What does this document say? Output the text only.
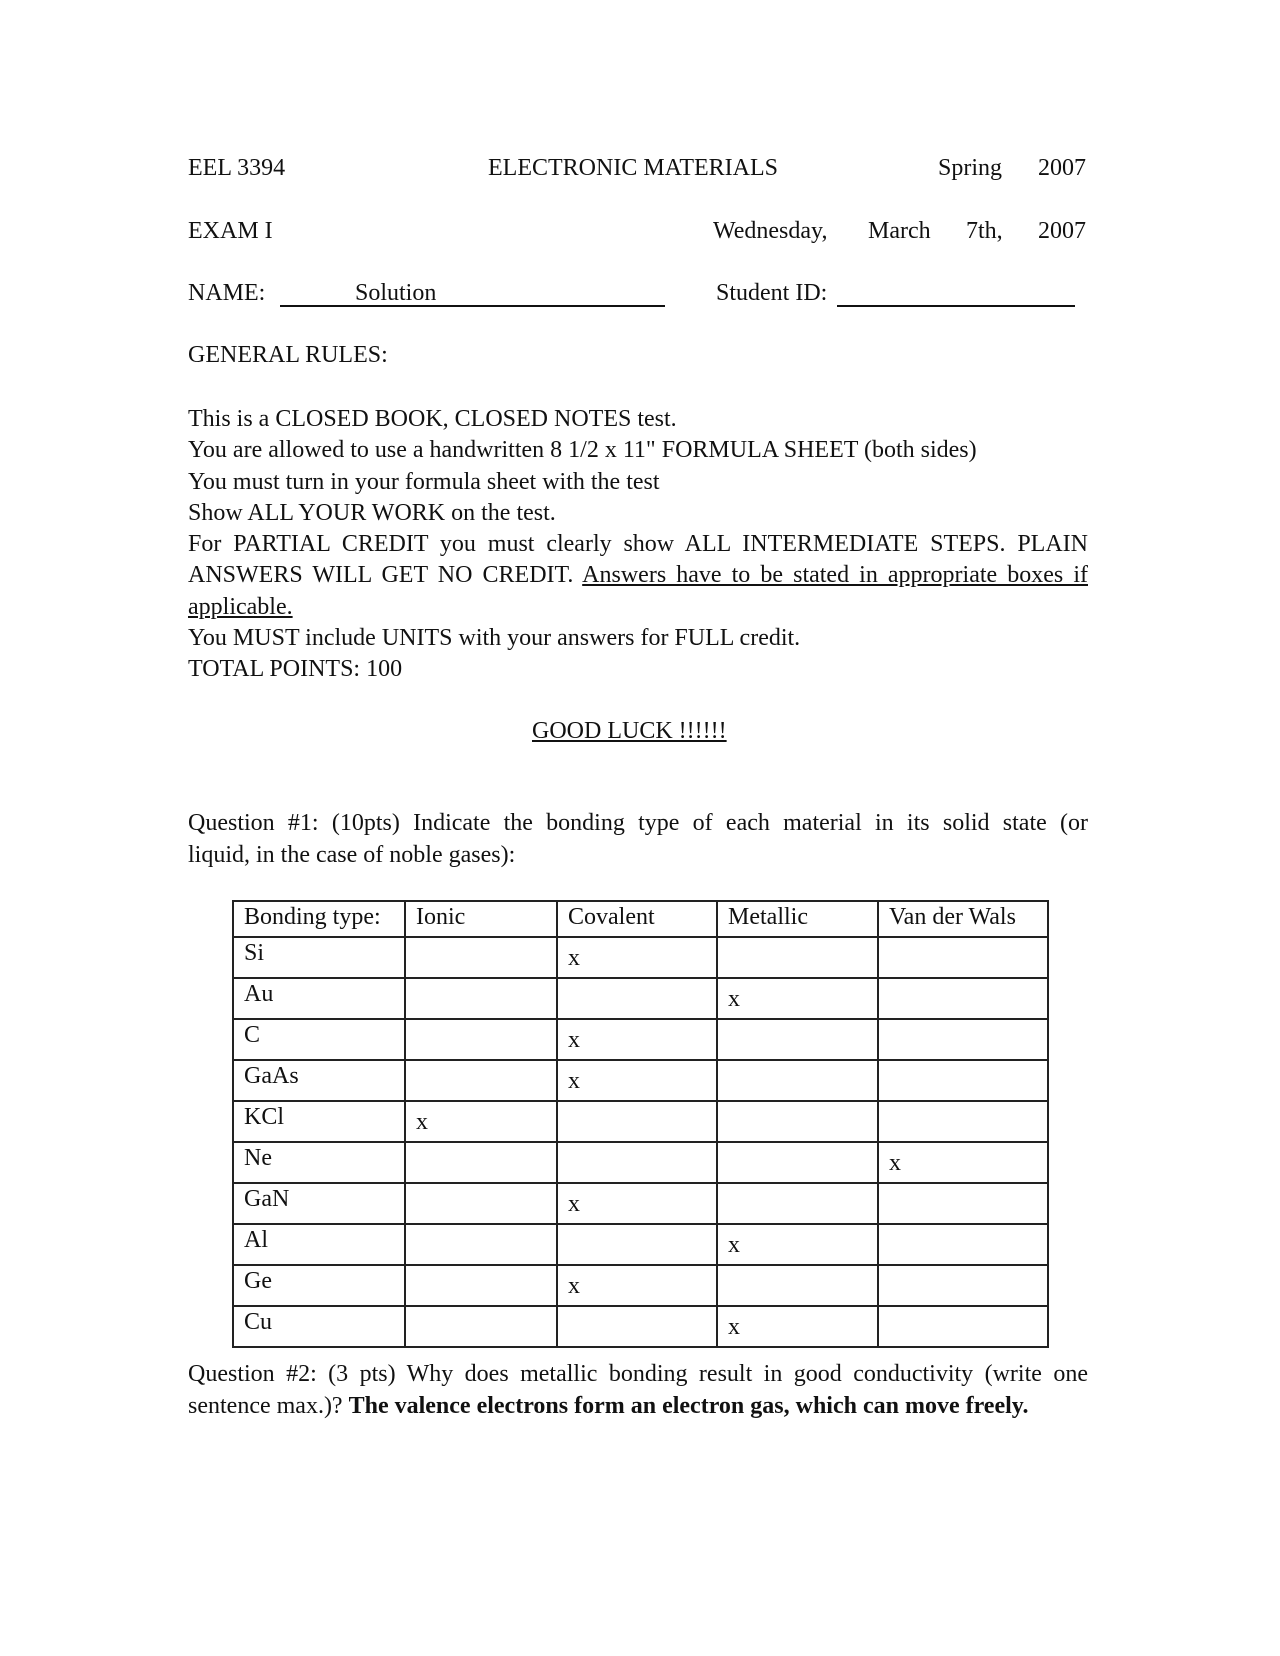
EEL 3394	ELECTRONIC MATERIALS	Spring 2007
EXAM I	Wednesday, March 7th, 2007
NAME:	Solution	Student ID:
GENERAL RULES:
This is a CLOSED BOOK, CLOSED NOTES test.
You are allowed to use a handwritten 8 1/2 x 11" FORMULA SHEET (both sides)
You must turn in your formula sheet with the test
Show ALL YOUR WORK on the test.
For PARTIAL CREDIT you must clearly show ALL INTERMEDIATE STEPS. PLAIN
ANSWERS WILL GET NO CREDIT. Answers have to be stated in appropriate boxes if
applicable.
You MUST include UNITS with your answers for FULL credit.
TOTAL POINTS: 100
GOOD LUCK !!!!!!
Question #1: (10pts) Indicate the bonding type of each material in its solid state (or
liquid, in the case of noble gases):
Bonding type:	Ionic	Covalent	Metallic	Van der Wals
Si		x		
Au			x	
C		x		
GaAs		x		
KCl	x			
Ne				x
GaN		x		
Al			x	
Ge		x		
Cu			x	
Question #2: (3 pts) Why does metallic bonding result in good conductivity (write one
sentence max.)? The valence electrons form an electron gas, which can move freely.
